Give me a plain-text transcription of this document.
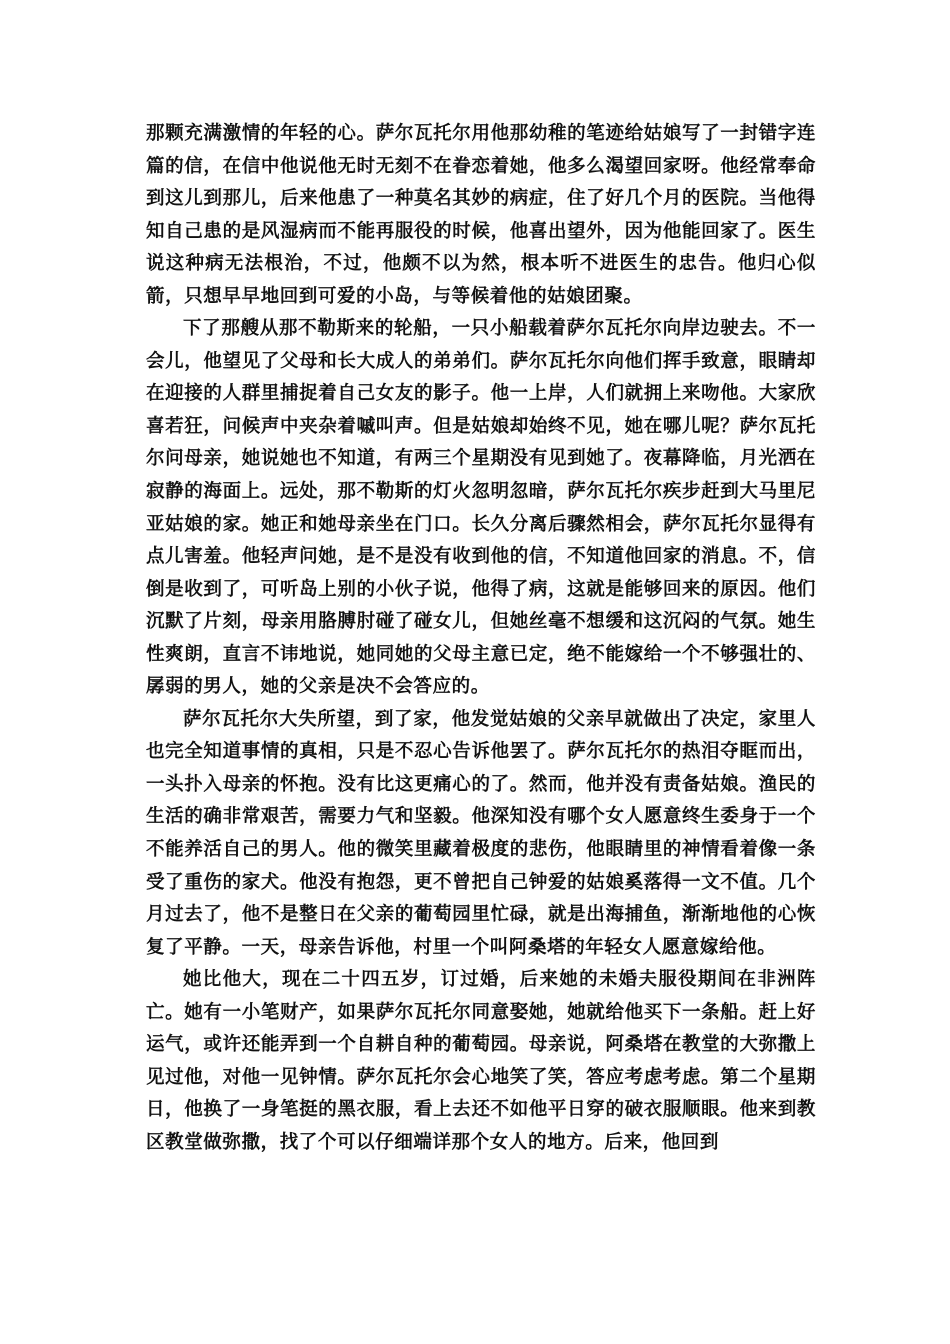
那颗充满激情的年轻的心。萨尔瓦托尔用他那幼稚的笔迹给姑娘写了一封错字连篇的信，在信中他说他无时无刻不在眷恋着她，他多么渴望回家呀。他经常奉命到这儿到那儿，后来他患了一种莫名其妙的病症，住了好几个月的医院。当他得知自己患的是风湿病而不能再服役的时候，他喜出望外，因为他能回家了。医生说这种病无法根治，不过，他颇不以为然，根本听不进医生的忠告。他归心似箭，只想早早地回到可爱的小岛，与等候着他的姑娘团聚。

下了那艘从那不勒斯来的轮船，一只小船载着萨尔瓦托尔向岸边驶去。不一会儿，他望见了父母和长大成人的弟弟们。萨尔瓦托尔向他们挥手致意，眼睛却在迎接的人群里捕捉着自己女友的影子。他一上岸，人们就拥上来吻他。大家欣喜若狂，问候声中夹杂着嘁叫声。但是姑娘却始终不见，她在哪儿呢？萨尔瓦托尔问母亲，她说她也不知道，有两三个星期没有见到她了。夜幕降临，月光洒在寂静的海面上。远处，那不勒斯的灯火忽明忽暗，萨尔瓦托尔疾步赶到大马里尼亚姑娘的家。她正和她母亲坐在门口。长久分离后骤然相会，萨尔瓦托尔显得有点儿害羞。他轻声问她，是不是没有收到他的信，不知道他回家的消息。不，信倒是收到了，可听岛上别的小伙子说，他得了病，这就是能够回来的原因。他们沉默了片刻，母亲用胳膊肘碰了碰女儿，但她丝毫不想缓和这沉闷的气氛。她生性爽朗，直言不讳地说，她同她的父母主意已定，绝不能嫁给一个不够强壮的、孱弱的男人，她的父亲是决不会答应的。

萨尔瓦托尔大失所望，到了家，他发觉姑娘的父亲早就做出了决定，家里人也完全知道事情的真相，只是不忍心告诉他罢了。萨尔瓦托尔的热泪夺眶而出，一头扑入母亲的怀抱。没有比这更痛心的了。然而，他并没有责备姑娘。渔民的生活的确非常艰苦，需要力气和坚毅。他深知没有哪个女人愿意终生委身于一个不能养活自己的男人。他的微笑里藏着极度的悲伤，他眼睛里的神情看着像一条受了重伤的家犬。他没有抱怨，更不曾把自己钟爱的姑娘奚落得一文不值。几个月过去了，他不是整日在父亲的葡萄园里忙碌，就是出海捕鱼，渐渐地他的心恢复了平静。一天，母亲告诉他，村里一个叫阿桑塔的年轻女人愿意嫁给他。

她比他大，现在二十四五岁，订过婚，后来她的未婚夫服役期间在非洲阵亡。她有一小笔财产，如果萨尔瓦托尔同意娶她，她就给他买下一条船。赶上好运气，或许还能弄到一个自耕自种的葡萄园。母亲说，阿桑塔在教堂的大弥撒上见过他，对他一见钟情。萨尔瓦托尔会心地笑了笑，答应考虑考虑。第二个星期日，他换了一身笔挺的黑衣服，看上去还不如他平日穿的破衣服顺眼。他来到教区教堂做弥撒，找了个可以仔细端详那个女人的地方。后来，他回到
